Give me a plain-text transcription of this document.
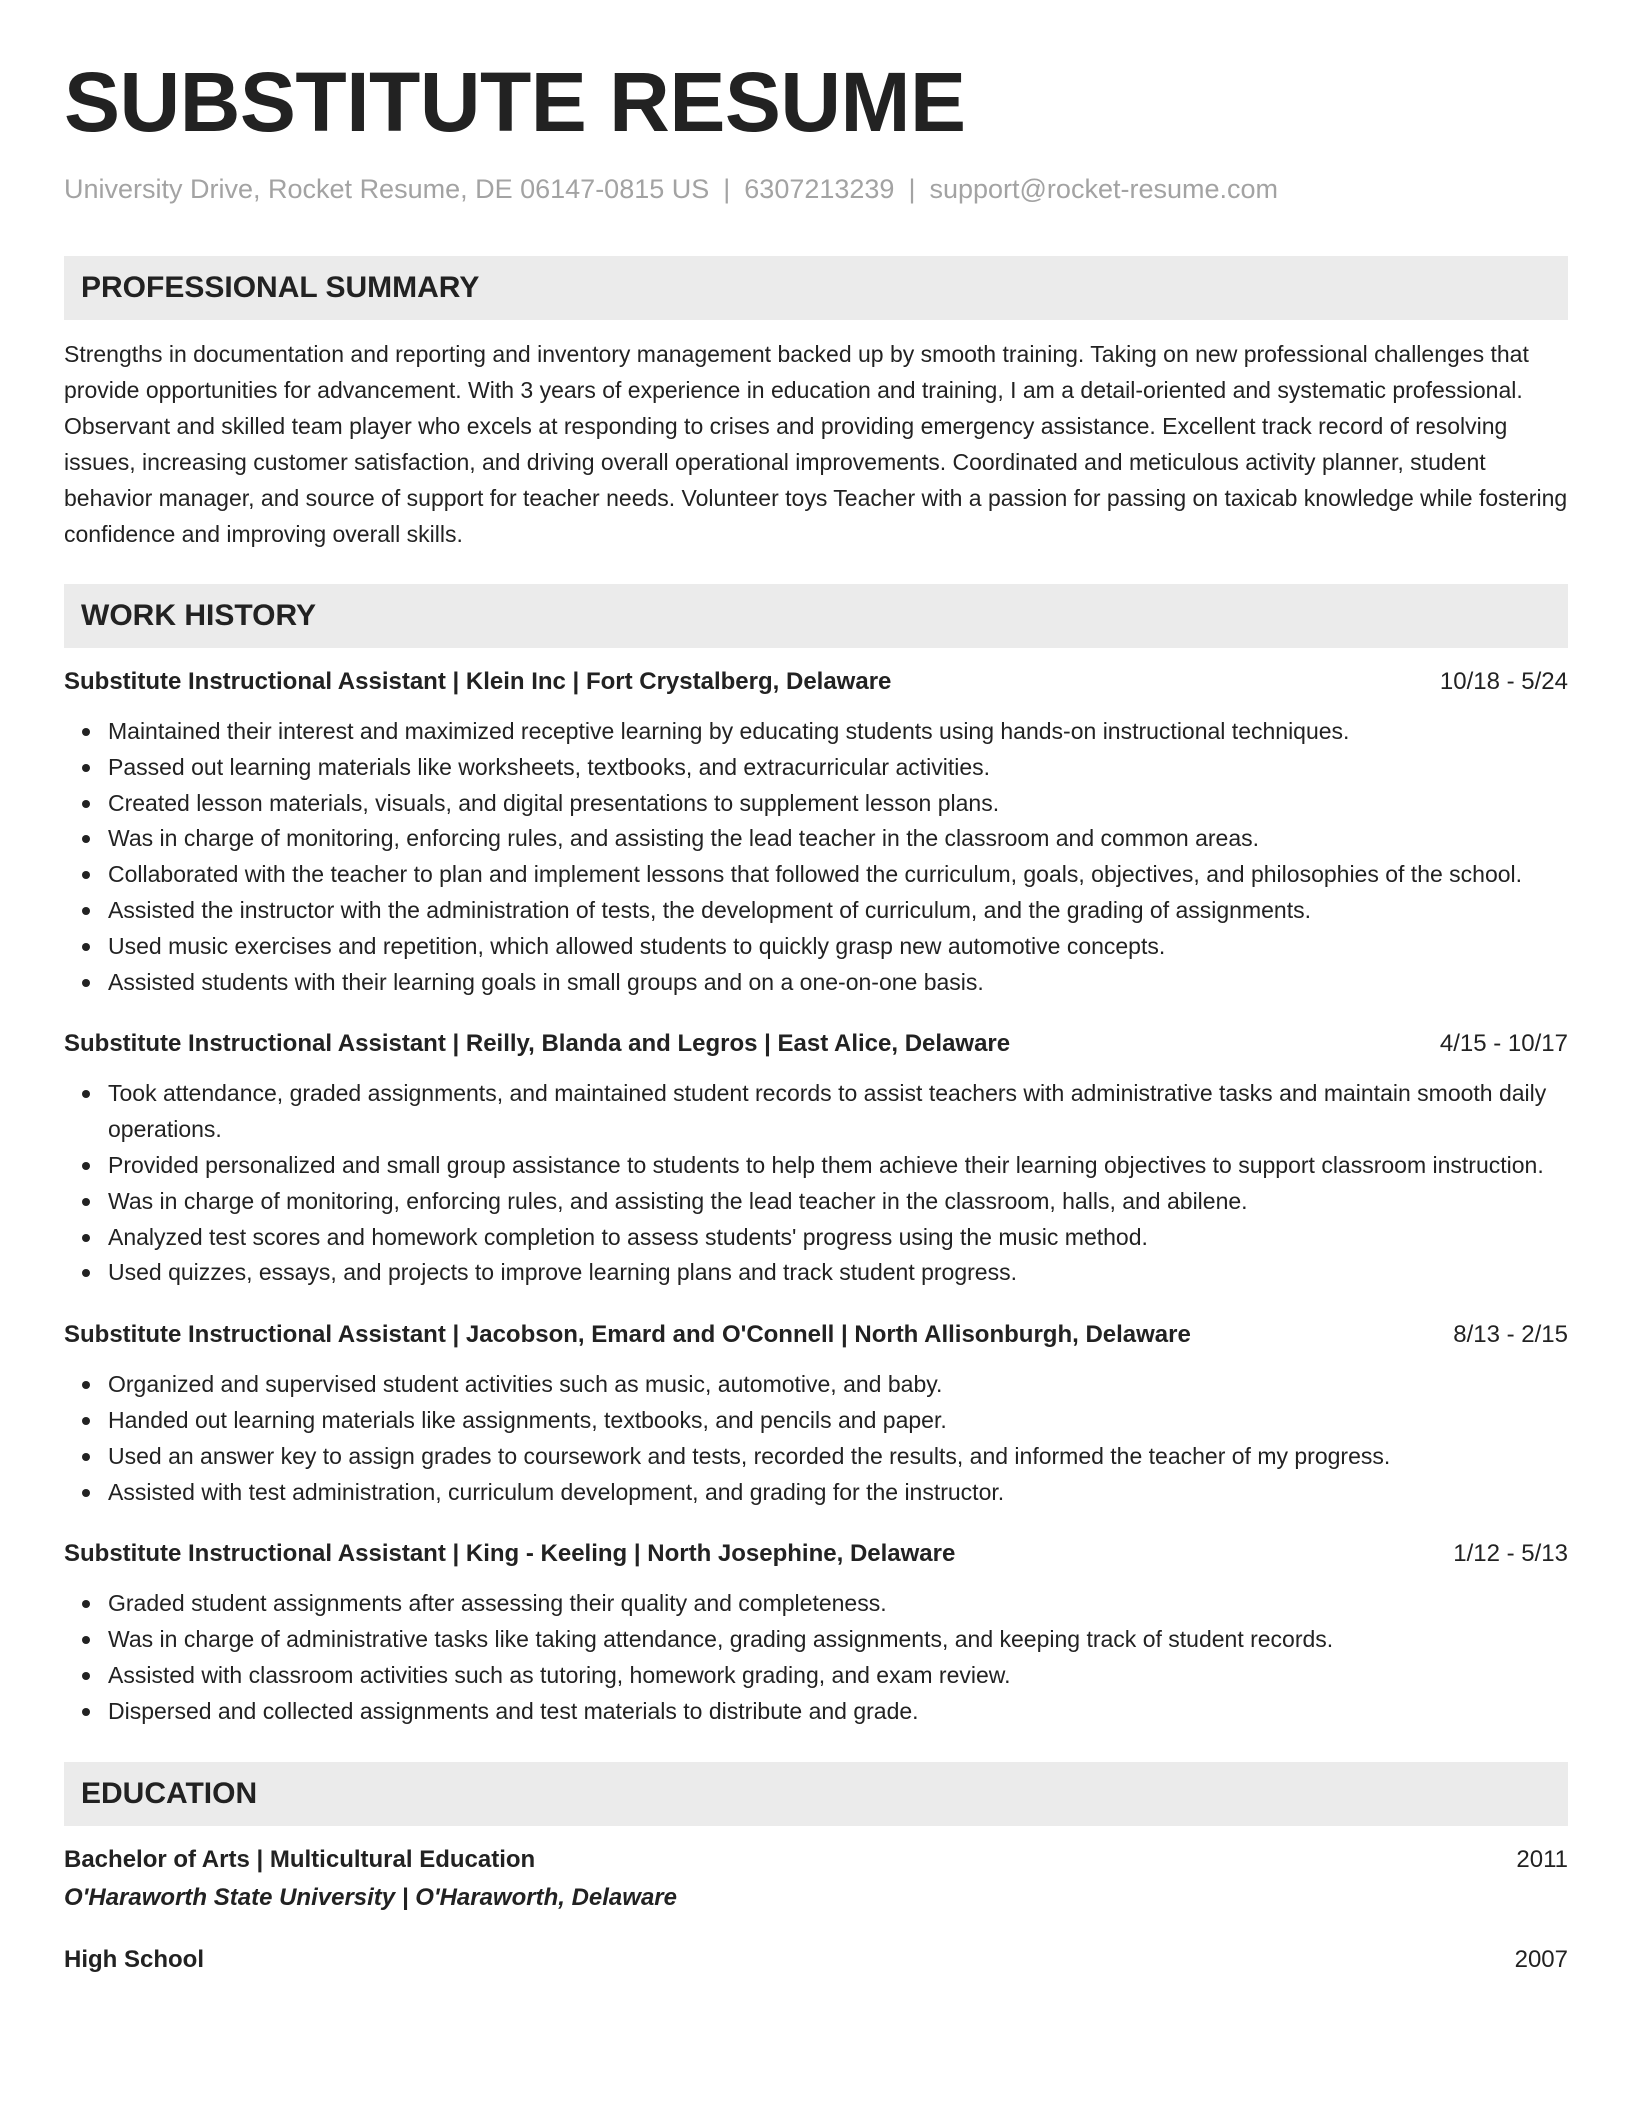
SUBSTITUTE RESUME
University Drive, Rocket Resume, DE 06147-0815 US | 6307213239 | support@rocket-resume.com
PROFESSIONAL SUMMARY
Strengths in documentation and reporting and inventory management backed up by smooth training. Taking on new professional challenges that provide opportunities for advancement. With 3 years of experience in education and training, I am a detail-oriented and systematic professional. Observant and skilled team player who excels at responding to crises and providing emergency assistance. Excellent track record of resolving issues, increasing customer satisfaction, and driving overall operational improvements. Coordinated and meticulous activity planner, student behavior manager, and source of support for teacher needs. Volunteer toys Teacher with a passion for passing on taxicab knowledge while fostering confidence and improving overall skills.
WORK HISTORY
Substitute Instructional Assistant | Klein Inc | Fort Crystalberg, Delaware	10/18 - 5/24
Maintained their interest and maximized receptive learning by educating students using hands-on instructional techniques.
Passed out learning materials like worksheets, textbooks, and extracurricular activities.
Created lesson materials, visuals, and digital presentations to supplement lesson plans.
Was in charge of monitoring, enforcing rules, and assisting the lead teacher in the classroom and common areas.
Collaborated with the teacher to plan and implement lessons that followed the curriculum, goals, objectives, and philosophies of the school.
Assisted the instructor with the administration of tests, the development of curriculum, and the grading of assignments.
Used music exercises and repetition, which allowed students to quickly grasp new automotive concepts.
Assisted students with their learning goals in small groups and on a one-on-one basis.
Substitute Instructional Assistant | Reilly, Blanda and Legros | East Alice, Delaware	4/15 - 10/17
Took attendance, graded assignments, and maintained student records to assist teachers with administrative tasks and maintain smooth daily operations.
Provided personalized and small group assistance to students to help them achieve their learning objectives to support classroom instruction.
Was in charge of monitoring, enforcing rules, and assisting the lead teacher in the classroom, halls, and abilene.
Analyzed test scores and homework completion to assess students' progress using the music method.
Used quizzes, essays, and projects to improve learning plans and track student progress.
Substitute Instructional Assistant | Jacobson, Emard and O'Connell | North Allisonburgh, Delaware	8/13 - 2/15
Organized and supervised student activities such as music, automotive, and baby.
Handed out learning materials like assignments, textbooks, and pencils and paper.
Used an answer key to assign grades to coursework and tests, recorded the results, and informed the teacher of my progress.
Assisted with test administration, curriculum development, and grading for the instructor.
Substitute Instructional Assistant | King - Keeling | North Josephine, Delaware	1/12 - 5/13
Graded student assignments after assessing their quality and completeness.
Was in charge of administrative tasks like taking attendance, grading assignments, and keeping track of student records.
Assisted with classroom activities such as tutoring, homework grading, and exam review.
Dispersed and collected assignments and test materials to distribute and grade.
EDUCATION
Bachelor of Arts | Multicultural Education	2011
O'Haraworth State University | O'Haraworth, Delaware
High School	2007
